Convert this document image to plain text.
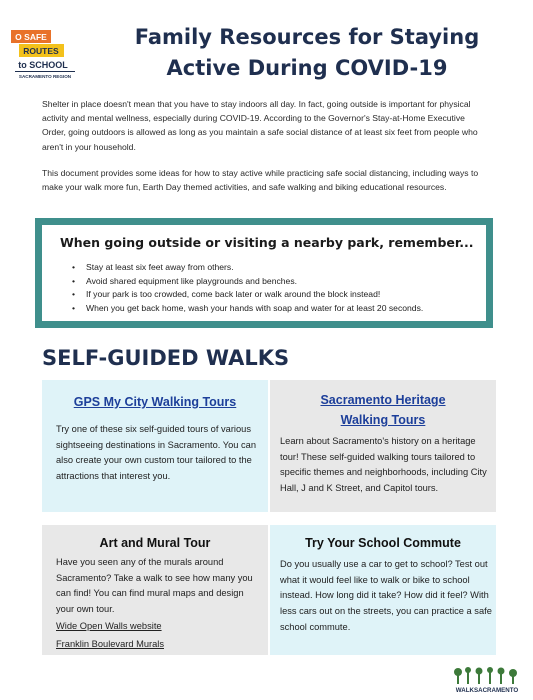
O SAFE
ROUTES
to SCHOOL
SACRAMENTO REGION
Family Resources for Staying
Active During COVID-19

Shelter in place doesn't mean that you have to stay indoors all day. In fact, going outside is important for physical activity and mental wellness, especially during COVID-19. According to the Governor's Stay-at-Home Executive Order, going outdoors is allowed as long as you maintain a safe social distance of at least six feet from people who aren't in your household.

This document provides some ideas for how to stay active while practicing safe social distancing, including ways to make your walk more fun, Earth Day themed activities, and safe walking and biking educational resources.

When going outside or visiting a nearby park, remember...
• Stay at least six feet away from others.
• Avoid shared equipment like playgrounds and benches.
• If your park is too crowded, come back later or walk around the block instead!
• When you get back home, wash your hands with soap and water for at least 20 seconds.
SELF-GUIDED WALKS
GPS My City Walking Tours

Try one of these six self-guided tours of various sightseeing destinations in Sacramento. You can also create your own custom tour tailored to the attractions that interest you.

Sacramento Heritage
Walking Tours

Learn about Sacramento's history on a heritage tour! These self-guided walking tours tailored to specific themes and neighborhoods, including City Hall, J and K Street, and Capitol tours.

Art and Mural Tour

Have you seen any of the murals around Sacramento? Take a walk to see how many you can find! You can find mural maps and design your own tour.

Wide Open Walls website
Franklin Boulevard Murals
Try Your School Commute

Do you usually use a car to get to school? Test out what it would feel like to walk or bike to school instead. How long did it take? How did it feel? With less cars out on the streets, you can practice a safe school commute.

WALKSACRAMENTO
